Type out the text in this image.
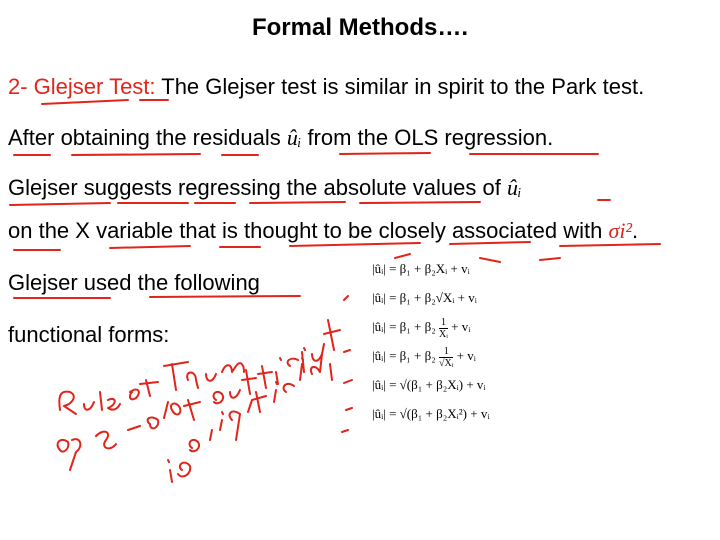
Formal Methods….
2- Glejser Test: The Glejser test is similar in spirit to the Park test.
After obtaining the residuals ûᵢ from the OLS regression.
Glejser suggests regressing the absolute values of ûᵢ
on the X variable that is thought to be closely associated with σi².
Glejser used the following
functional forms:
|ûᵢ| = β₁ + β₂Xᵢ + vᵢ
|ûᵢ| = β₁ + β₂√Xᵢ + vᵢ
|ûᵢ| = $\beta_1 + \beta_2 \frac{1}{\text{Xᵢ}}$ + vᵢ
|ûᵢ| = $\beta_1 + \beta_2 \frac{1}{\text{√Xᵢ}}$ + vᵢ
|ûᵢ| = √(β₁ + β₂Xᵢ) + vᵢ
|ûᵢ| = √(β₁ + β₂Xᵢ²) + vᵢ
